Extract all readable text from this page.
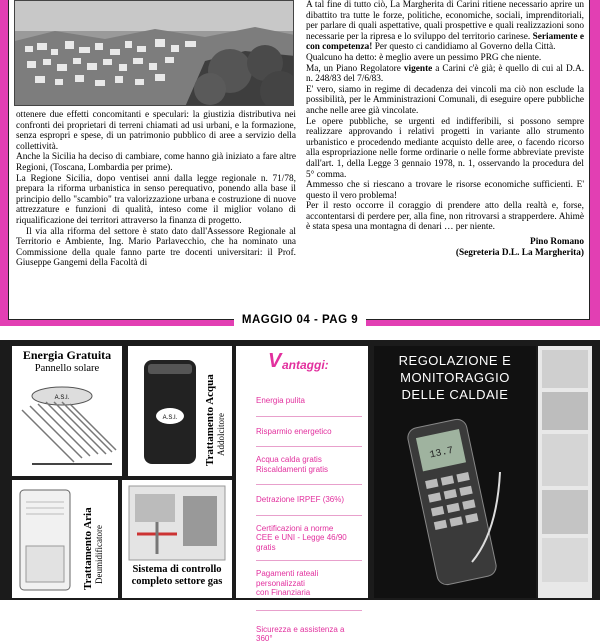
ottenere due effetti concomitanti e speculari: la giustizia distributiva nei confronti dei proprietari di terreni chiamati ad usi urbani, e la formazione, senza espropri e spese, di un patrimonio pubblico di aree a servizio della collettività.

Anche la Sicilia ha deciso di cambiare, come hanno già iniziato a fare altre Regioni, (Toscana, Lombardia per prime).

La Regione Sicilia, dopo ventisei anni dalla legge regionale n. 71/78, prepara la riforma urbanistica in senso perequativo, ponendo alla base il principio dello "scambio" tra valorizzazione urbana e costruzione di nuove attrezzature e funzioni di qualità, inteso come il miglior volano di riqualificazione dei territori attraverso la finanza di progetto.

Il via alla riforma del settore è stato dato dall'Assessore Regionale al Territorio e Ambiente, Ing. Mario Parlavecchio, che ha nominato una Commissione della quale fanno parte tre docenti universitari: il Prof. Giuseppe Gangemi della Facoltà di

A tal fine di tutto ciò, La Margherita di Carini ritiene necessario aprire un dibattito tra tutte le forze, politiche, economiche, sociali, imprenditoriali, per parlare di quali aspettative, quali prospettive e quali realizzazioni sono necessarie per la ripresa e lo sviluppo del territorio carinese. Seriamente e con competenza! Per questo ci candidiamo al Governo della Città.

Qualcuno ha detto: è meglio avere un pessimo PRG che niente.

Ma, un Piano Regolatore vigente a Carini c'è già; è quello di cui al D.A. n. 248/83 del 7/6/83.

E' vero, siamo in regime di decadenza dei vincoli ma ciò non esclude la possibilità, per le Amministrazioni Comunali, di eseguire opere pubbliche anche nelle aree già vincolate.

Le opere pubbliche, se urgenti ed indifferibili, si possono sempre realizzare approvando i relativi progetti in variante allo strumento urbanistico e procedendo mediante acquisto delle aree, o facendo ricorso alla espropriazione nelle forme ordinarie o nelle forme abbreviate previste dall'art. 1, della Legge 3 gennaio 1978, n. 1, osservando la procedura del 5° comma.

Ammesso che si riescano a trovare le risorse economiche sufficienti. E' questo il vero problema!

Per il resto occorre il coraggio di prendere atto della realtà e, forse, accontentarsi di perdere per, alla fine, non ritrovarsi a strapperdere. Ahimè è stata spesa una montagna di denari … per niente.

Pino Romano

(Segreteria D.L. La Margherita)

MAGGIO 04 - PAG 9
Energia Gratuita
Pannello solare
A.S.I.
A.S.I. Trattamento Acqua Addolcitore
Trattamento Aria Deumidificatore	Sistema di controllo
completo settore gas
V antaggi:
Energia pulita
Risparmio energetico
Acqua calda gratis
Riscaldamenti gratis
Detrazione IRPEF (36%)
Certificazioni a norme
CEE e UNI - Legge 46/90 gratis
Pagamenti rateali personalizzati
con Finanziaria
Sicurezza e assistenza a 360°
REGOLAZIONE E
MONITORAGGIO
DELLE CALDAIE
13.7
